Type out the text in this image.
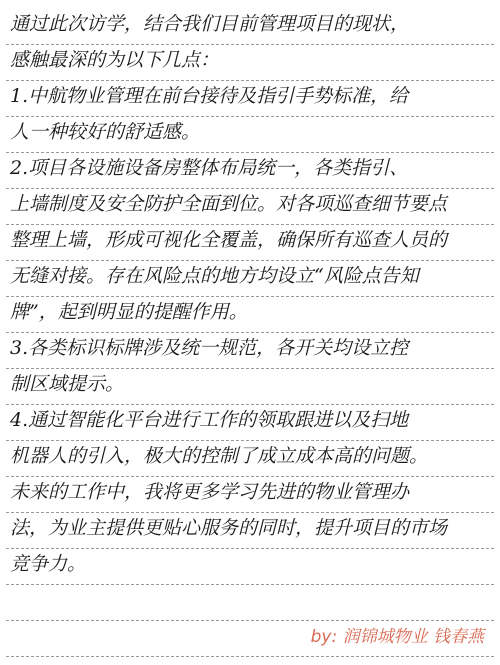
通过此次访学，结合我们目前管理项目的现状，
感触最深的为以下几点：
1.中航物业管理在前台接待及指引手势标准，给
人一种较好的舒适感。
2.项目各设施设备房整体布局统一，各类指引、
上墙制度及安全防护全面到位。对各项巡查细节要点
整理上墙，形成可视化全覆盖，确保所有巡查人员的
无缝对接。存在风险点的地方均设立“风险点告知
牌”，起到明显的提醒作用。
3.各类标识标牌涉及统一规范，各开关均设立控
制区域提示。
4.通过智能化平台进行工作的领取跟进以及扫地
机器人的引入，极大的控制了成立成本高的问题。
未来的工作中，我将更多学习先进的物业管理办
法，为业主提供更贴心服务的同时，提升项目的市场
竞争力。
by: 润锦城物业 钱春燕
